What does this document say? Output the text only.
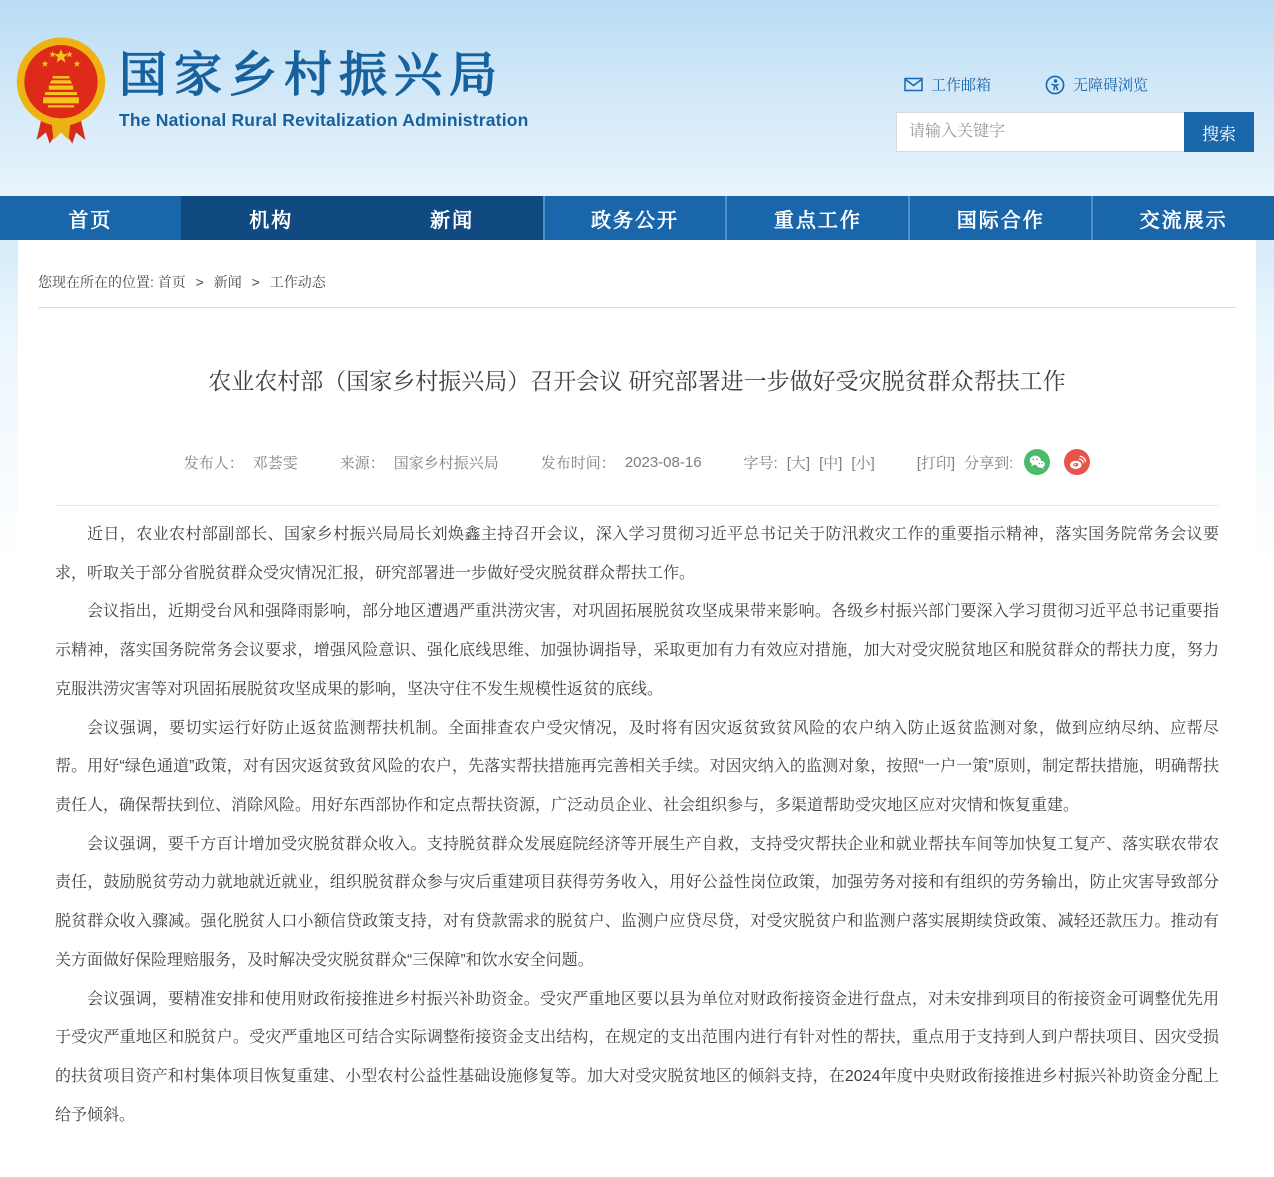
国家乡村振兴局
The National Rural Revitalization Administration
工作邮箱	无障碍浏览
请输入关键字
搜索
首页	机构	新闻	政务公开	重点工作	国际合作	交流展示
您现在所在的位置: 首页 > 新闻 > 工作动态
农业农村部（国家乡村振兴局）召开会议 研究部署进一步做好受灾脱贫群众帮扶工作
发布人： 邓荟雯	来源： 国家乡村振兴局	发布时间： 2023-08-16	字号: [大] [中] [小]	[打印] 分享到:

近日，农业农村部副部长、国家乡村振兴局局长刘焕鑫主持召开会议，深入学习贯彻习近平总书记关于防汛救灾工作的重要指示精神，落实国务院常务会议要求，听取关于部分省脱贫群众受灾情况汇报，研究部署进一步做好受灾脱贫群众帮扶工作。

会议指出，近期受台风和强降雨影响，部分地区遭遇严重洪涝灾害，对巩固拓展脱贫攻坚成果带来影响。各级乡村振兴部门要深入学习贯彻习近平总书记重要指示精神，落实国务院常务会议要求，增强风险意识、强化底线思维、加强协调指导，采取更加有力有效应对措施，加大对受灾脱贫地区和脱贫群众的帮扶力度，努力克服洪涝灾害等对巩固拓展脱贫攻坚成果的影响，坚决守住不发生规模性返贫的底线。

会议强调，要切实运行好防止返贫监测帮扶机制。全面排查农户受灾情况，及时将有因灾返贫致贫风险的农户纳入防止返贫监测对象，做到应纳尽纳、应帮尽帮。用好“绿色通道”政策，对有因灾返贫致贫风险的农户，先落实帮扶措施再完善相关手续。对因灾纳入的监测对象，按照“一户一策”原则，制定帮扶措施，明确帮扶责任人，确保帮扶到位、消除风险。用好东西部协作和定点帮扶资源，广泛动员企业、社会组织参与，多渠道帮助受灾地区应对灾情和恢复重建。

会议强调，要千方百计增加受灾脱贫群众收入。支持脱贫群众发展庭院经济等开展生产自救，支持受灾帮扶企业和就业帮扶车间等加快复工复产、落实联农带农责任，鼓励脱贫劳动力就地就近就业，组织脱贫群众参与灾后重建项目获得劳务收入，用好公益性岗位政策，加强劳务对接和有组织的劳务输出，防止灾害导致部分脱贫群众收入骤减。强化脱贫人口小额信贷政策支持，对有贷款需求的脱贫户、监测户应贷尽贷，对受灾脱贫户和监测户落实展期续贷政策、减轻还款压力。推动有关方面做好保险理赔服务，及时解决受灾脱贫群众“三保障”和饮水安全问题。

会议强调，要精准安排和使用财政衔接推进乡村振兴补助资金。受灾严重地区要以县为单位对财政衔接资金进行盘点，对未安排到项目的衔接资金可调整优先用于受灾严重地区和脱贫户。受灾严重地区可结合实际调整衔接资金支出结构，在规定的支出范围内进行有针对性的帮扶，重点用于支持到人到户帮扶项目、因灾受损的扶贫项目资产和村集体项目恢复重建、小型农村公益性基础设施修复等。加大对受灾脱贫地区的倾斜支持，在2024年度中央财政衔接推进乡村振兴补助资金分配上给予倾斜。
